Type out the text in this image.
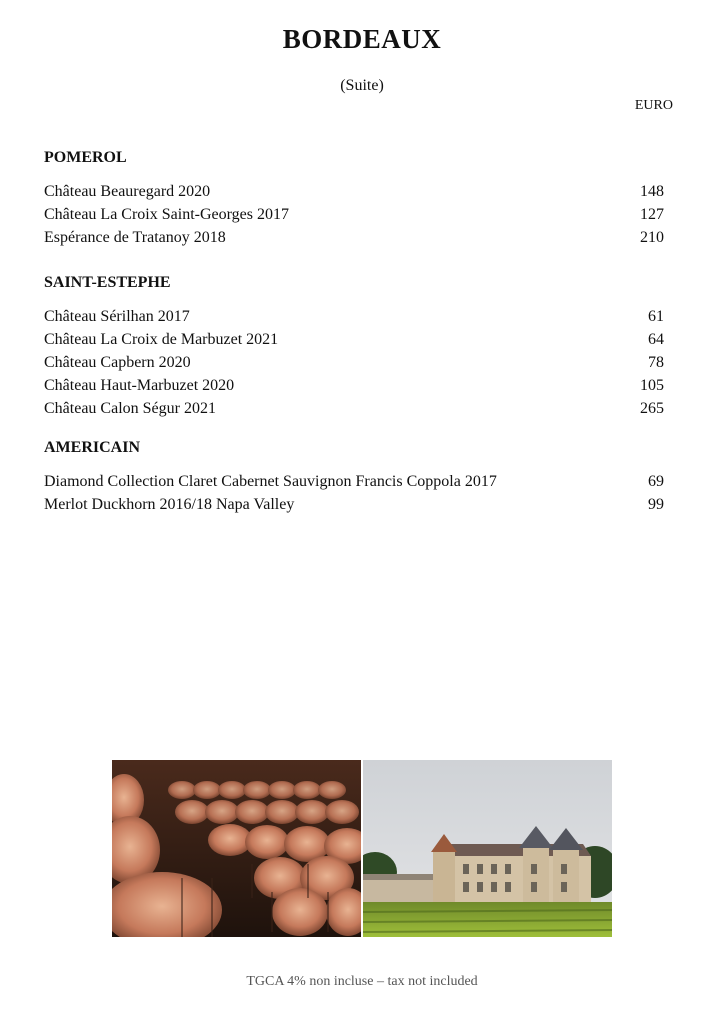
BORDEAUX
(Suite)
EURO
POMEROL
Château Beauregard 2020	148
Château La Croix Saint-Georges 2017	127
Espérance de Tratanoy 2018	210
SAINT-ESTEPHE
Château Sérilhan 2017	61
Château La Croix de Marbuzet 2021	64
Château Capbern 2020	78
Château Haut-Marbuzet 2020	105
Château Calon Ségur 2021	265
AMERICAIN
Diamond Collection Claret Cabernet Sauvignon Francis Coppola 2017	69
Merlot Duckhorn 2016/18 Napa Valley	99
TGCA 4% non incluse – tax not included
